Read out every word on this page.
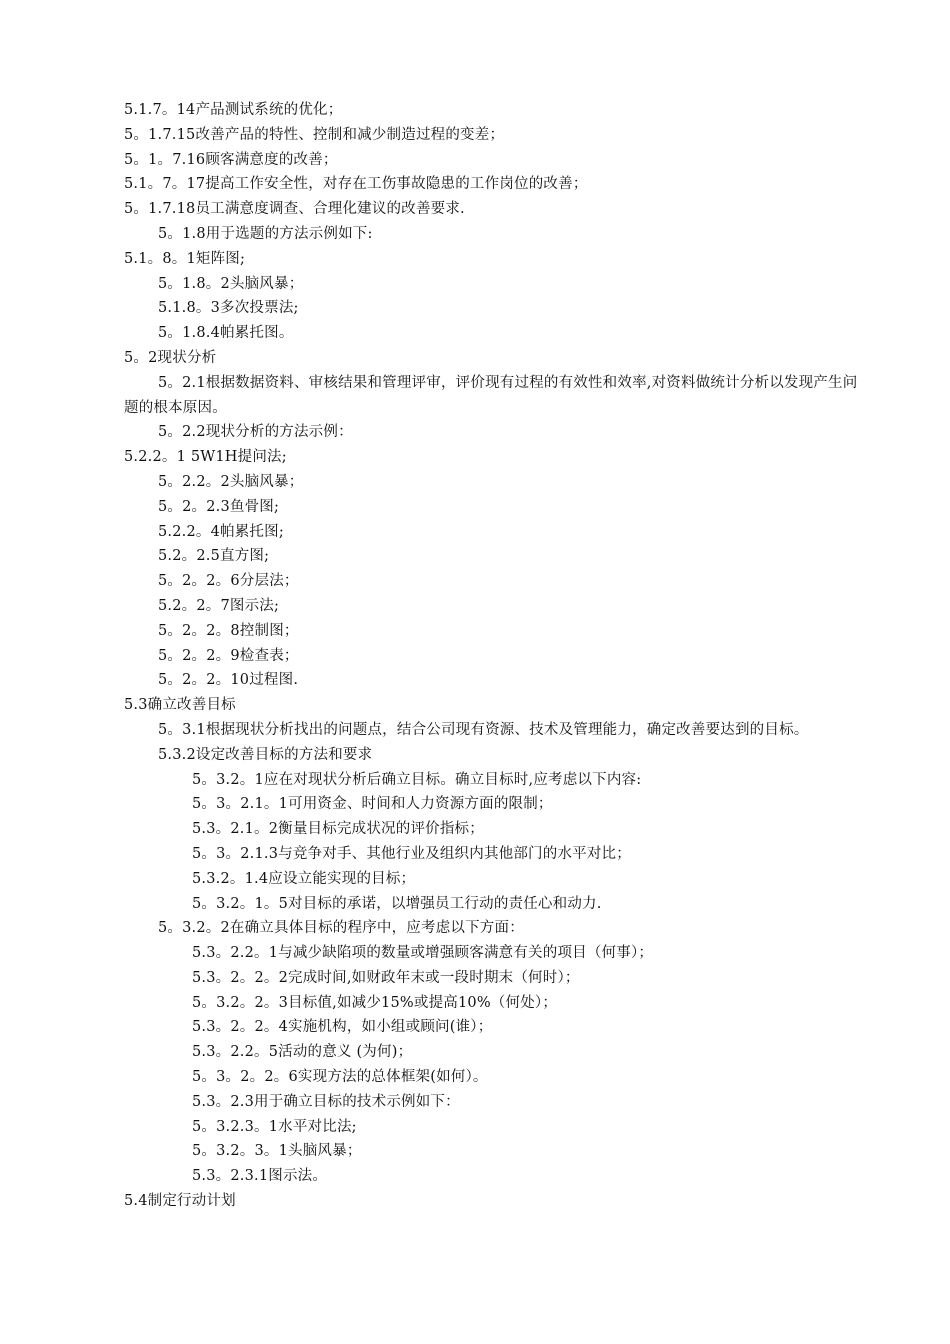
5.1.7。14产品测试系统的优化；
5。1.7.15改善产品的特性、控制和减少制造过程的变差；
5。1。7.16顾客满意度的改善；
5.1。7。17提高工作安全性，对存在工伤事故隐患的工作岗位的改善；
5。1.7.18员工满意度调查、合理化建议的改善要求.
5。1.8用于选题的方法示例如下:
5.1。8。1矩阵图;
5。1.8。2头脑风暴；
5.1.8。3多次投票法;
5。1.8.4帕累托图。
5。2现状分析
5。2.1根据数据资料、审核结果和管理评审，评价现有过程的有效性和效率,对资料做统计分析以发现产生问题的根本原因。
5。2.2现状分析的方法示例：
5.2.2。1 5W1H提问法;
5。2.2。2头脑风暴；
5。2。2.3鱼骨图;
5.2.2。4帕累托图;
5.2。2.5直方图;
5。2。2。6分层法；
5.2。2。7图示法;
5。2。2。8控制图；
5。2。2。9检查表；
5。2。2。10过程图.
5.3确立改善目标
5。3.1根据现状分析找出的问题点，结合公司现有资源、技术及管理能力，确定改善要达到的目标。
5.3.2设定改善目标的方法和要求
5。3.2。1应在对现状分析后确立目标。确立目标时,应考虑以下内容:
5。3。2.1。1可用资金、时间和人力资源方面的限制；
5.3。2.1。2衡量目标完成状况的评价指标；
5。3。2.1.3与竞争对手、其他行业及组织内其他部门的水平对比；
5.3.2。1.4应设立能实现的目标；
5。3.2。1。5对目标的承诺，以增强员工行动的责任心和动力.
5。3.2。2在确立具体目标的程序中，应考虑以下方面：
5.3。2.2。1与减少缺陷项的数量或增强顾客满意有关的项目（何事）；
5.3。2。2。2完成时间,如财政年末或一段时期末（何时）；
5。3.2。2。3目标值,如减少15%或提高10%（何处）；
5.3。2。2。4实施机构，如小组或顾问(谁）；
5.3。2.2。5活动的意义 (为何)；
5。3。2。2。6实现方法的总体框架(如何）。
5.3。2.3用于确立目标的技术示例如下：
5。3.2.3。1水平对比法;
5。3.2。3。1头脑风暴；
5.3。2.3.1图示法。
5.4制定行动计划
